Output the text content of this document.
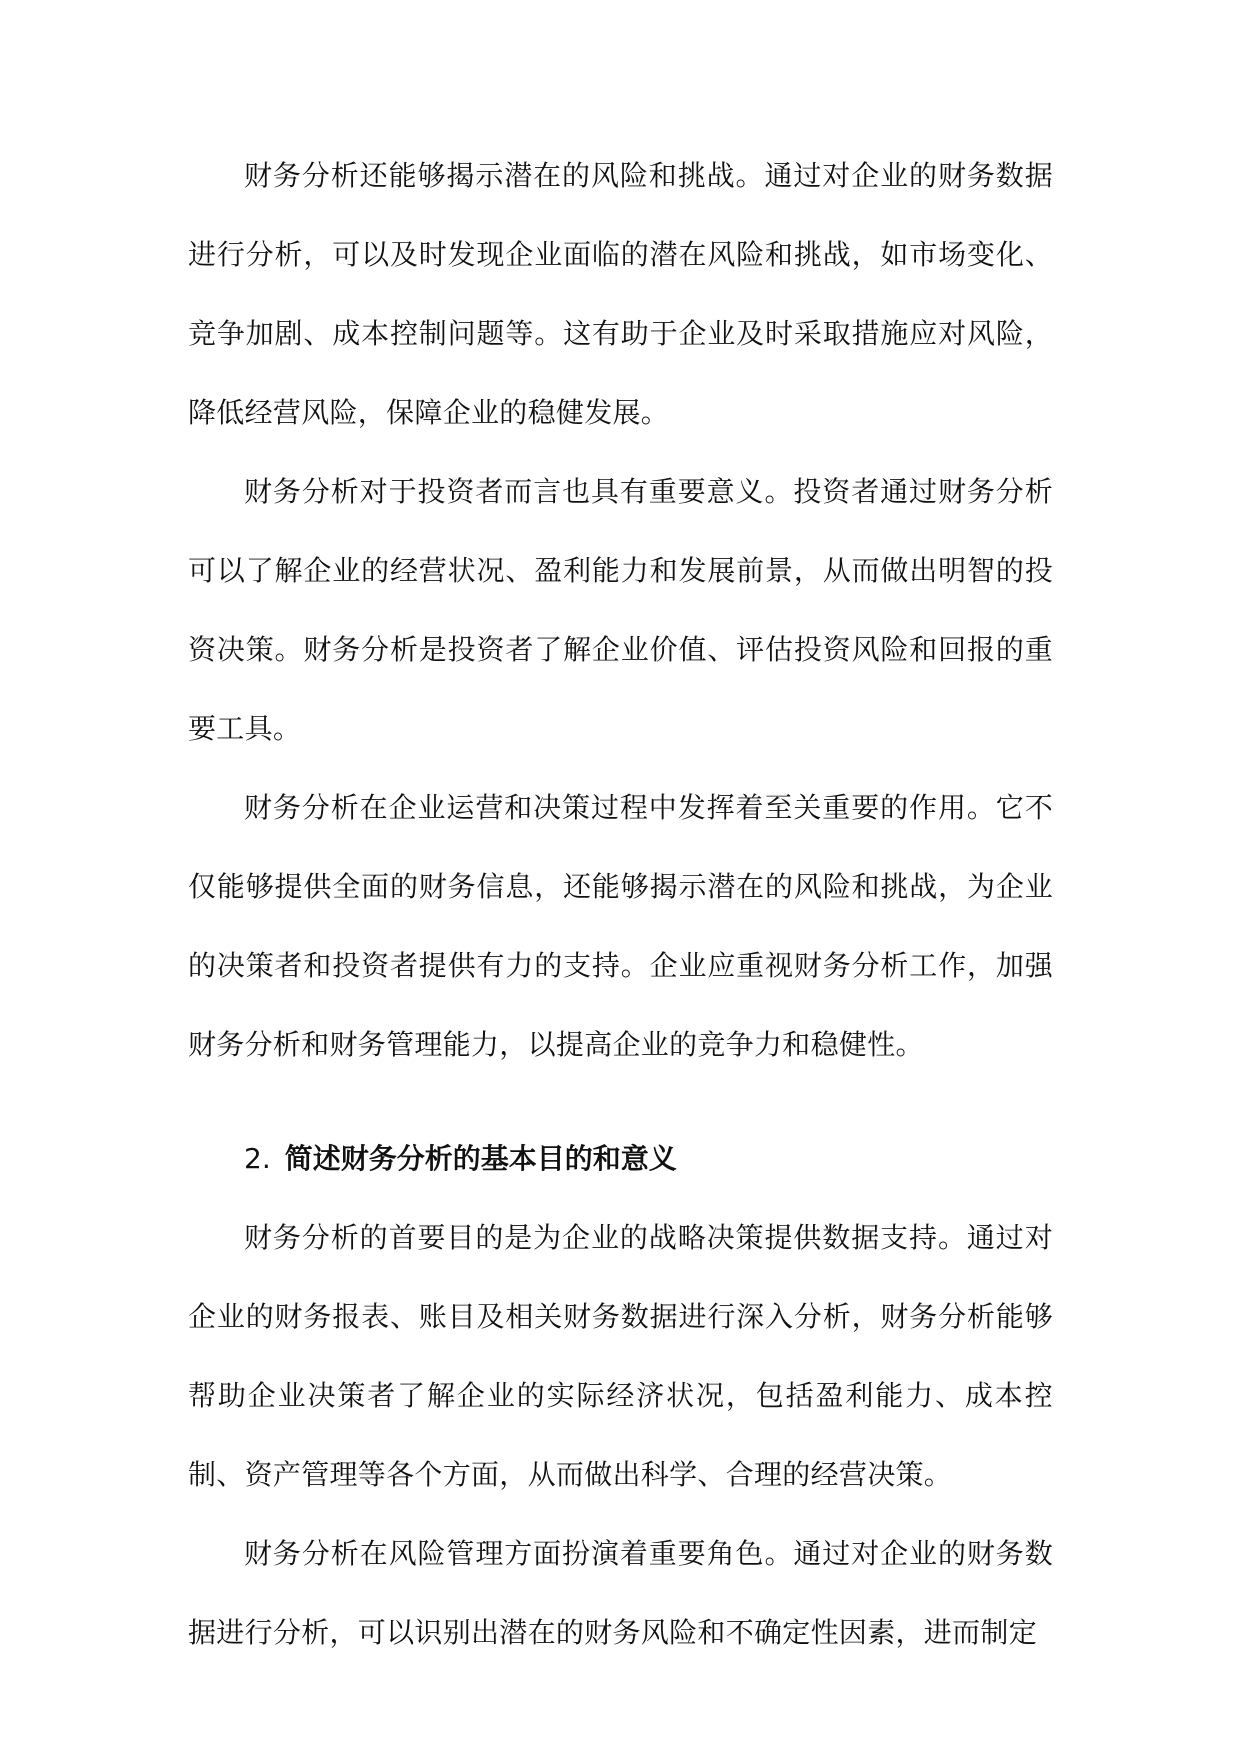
财务分析还能够揭示潜在的风险和挑战。通过对企业的财务数据进行分析，可以及时发现企业面临的潜在风险和挑战，如市场变化、竞争加剧、成本控制问题等。这有助于企业及时采取措施应对风险，降低经营风险，保障企业的稳健发展。

财务分析对于投资者而言也具有重要意义。投资者通过财务分析可以了解企业的经营状况、盈利能力和发展前景，从而做出明智的投资决策。财务分析是投资者了解企业价值、评估投资风险和回报的重要工具。

财务分析在企业运营和决策过程中发挥着至关重要的作用。它不仅能够提供全面的财务信息，还能够揭示潜在的风险和挑战，为企业的决策者和投资者提供有力的支持。企业应重视财务分析工作，加强财务分析和财务管理能力，以提高企业的竞争力和稳健性。

2. 简述财务分析的基本目的和意义

财务分析的首要目的是为企业的战略决策提供数据支持。通过对企业的财务报表、账目及相关财务数据进行深入分析，财务分析能够帮助企业决策者了解企业的实际经济状况，包括盈利能力、成本控制、资产管理等各个方面，从而做出科学、合理的经营决策。

财务分析在风险管理方面扮演着重要角色。通过对企业的财务数据进行分析，可以识别出潜在的财务风险和不确定性因素，进而制定
